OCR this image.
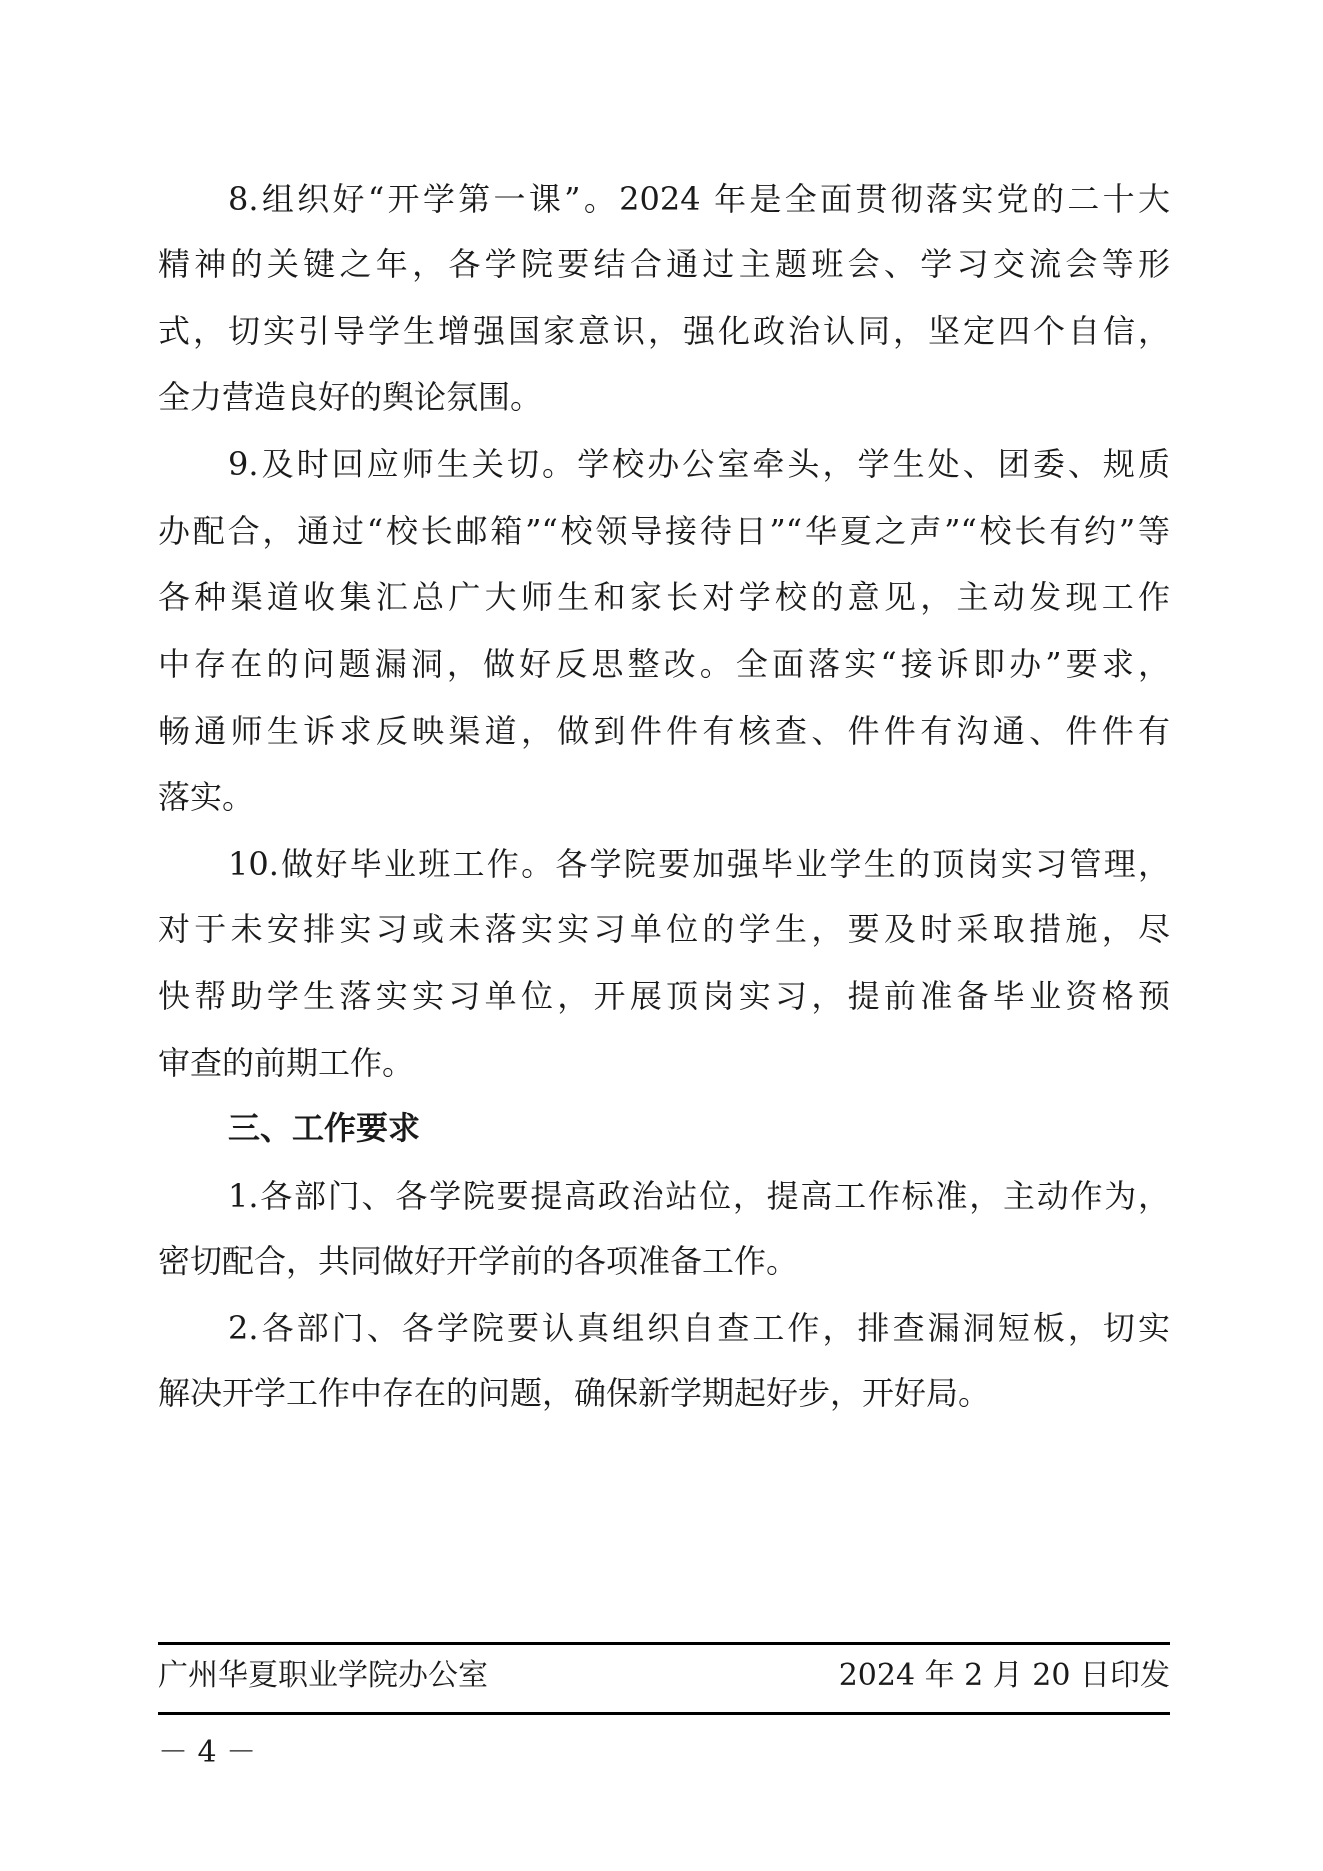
8.组织好“开学第一课”。2024 年是全面贯彻落实党的二十大
精神的关键之年，各学院要结合通过主题班会、学习交流会等形
式，切实引导学生增强国家意识，强化政治认同，坚定四个自信，
全力营造良好的舆论氛围。
9.及时回应师生关切。学校办公室牵头，学生处、团委、规质
办配合，通过“校长邮箱”“校领导接待日”“华夏之声”“校长有约”等
各种渠道收集汇总广大师生和家长对学校的意见，主动发现工作
中存在的问题漏洞，做好反思整改。全面落实“接诉即办”要求，
畅通师生诉求反映渠道，做到件件有核查、件件有沟通、件件有
落实。
10.做好毕业班工作。各学院要加强毕业学生的顶岗实习管理，
对于未安排实习或未落实实习单位的学生，要及时采取措施，尽
快帮助学生落实实习单位，开展顶岗实习，提前准备毕业资格预
审查的前期工作。
三、工作要求
1.各部门、各学院要提高政治站位，提高工作标准，主动作为，
密切配合，共同做好开学前的各项准备工作。
2.各部门、各学院要认真组织自查工作，排查漏洞短板，切实
解决开学工作中存在的问题，确保新学期起好步，开好局。
广州华夏职业学院办公室	2024 年 2 月 20 日印发
－ 4 －
